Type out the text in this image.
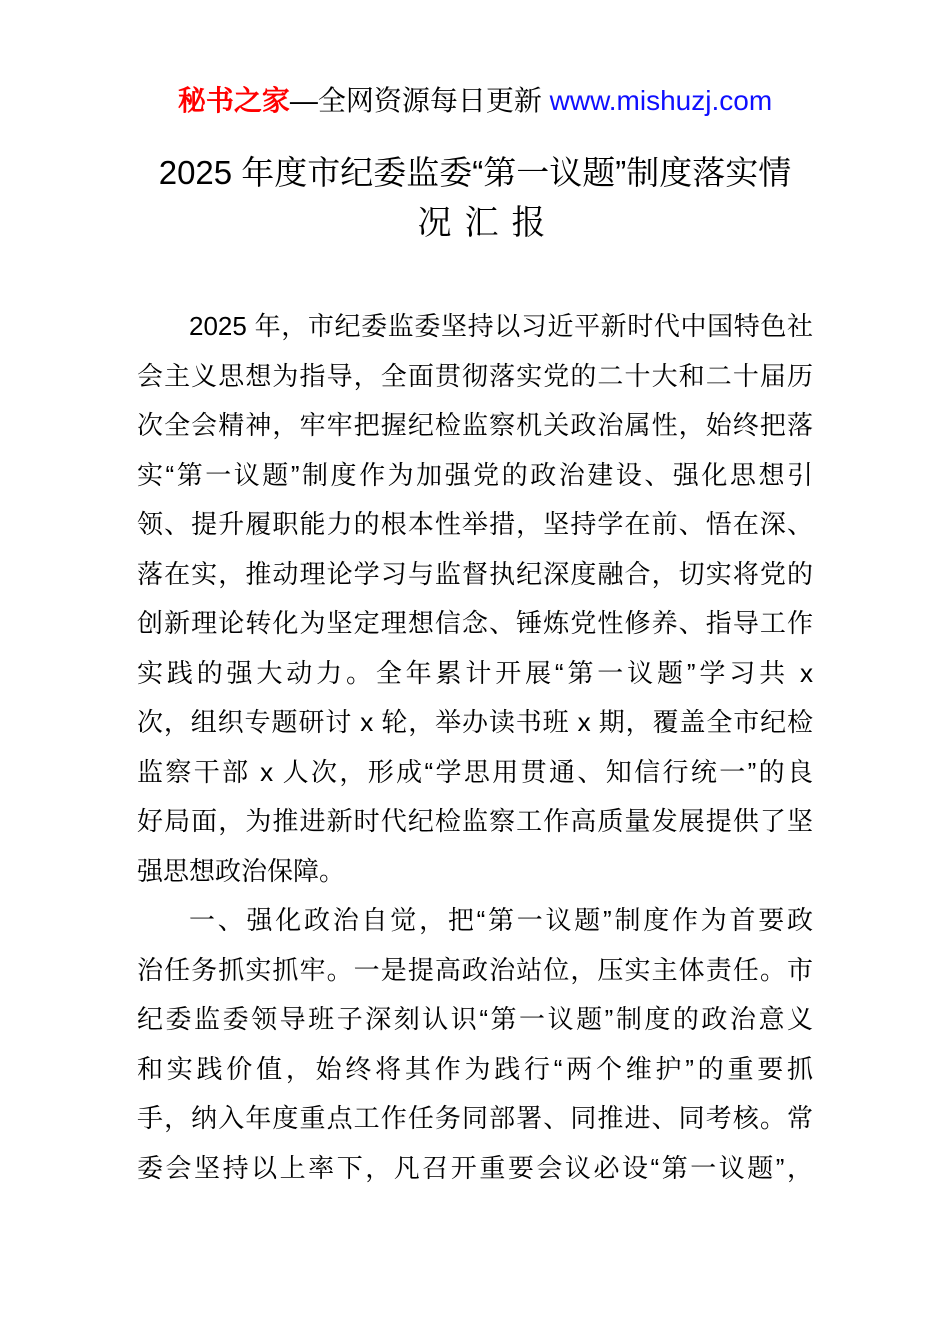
秘书之家—全网资源每日更新 www.mishuzj.com
2025 年度市纪委监委“第一议题”制度落实情
况汇报
2025 年，市纪委监委坚持以习近平新时代中国特色社
会主义思想为指导，全面贯彻落实党的二十大和二十届历
次全会精神，牢牢把握纪检监察机关政治属性，始终把落
实“第一议题”制度作为加强党的政治建设、强化思想引
领、提升履职能力的根本性举措，坚持学在前、悟在深、
落在实，推动理论学习与监督执纪深度融合，切实将党的
创新理论转化为坚定理想信念、锤炼党性修养、指导工作
实践的强大动力。全年累计开展“第一议题”学习共 x
次，组织专题研讨 x 轮，举办读书班 x 期，覆盖全市纪检
监察干部 x 人次，形成“学思用贯通、知信行统一”的良
好局面，为推进新时代纪检监察工作高质量发展提供了坚
强思想政治保障。
一、强化政治自觉，把“第一议题”制度作为首要政
治任务抓实抓牢。一是提高政治站位，压实主体责任。市
纪委监委领导班子深刻认识“第一议题”制度的政治意义
和实践价值，始终将其作为践行“两个维护”的重要抓
手，纳入年度重点工作任务同部署、同推进、同考核。常
委会坚持以上率下，凡召开重要会议必设“第一议题”，
